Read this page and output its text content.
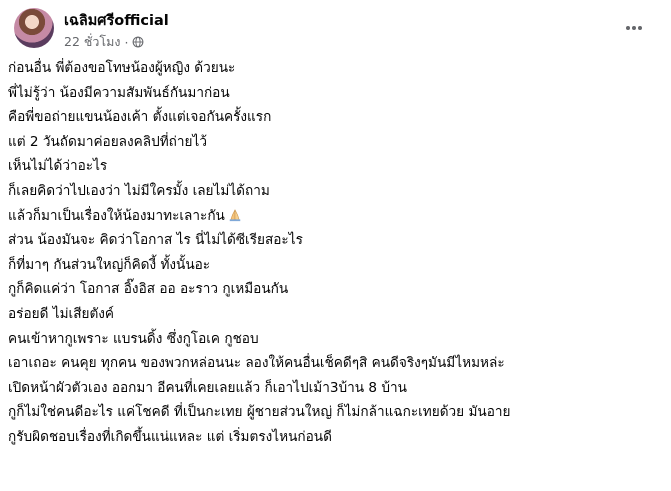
เฉลิมศรีofficial
22 ชั่วโมง ·
ก่อนอื่น พี่ต้องขอโทษน้องผู้หญิง ด้วยนะ
พี่ไม่รู้ว่า น้องมีความสัมพันธ์กันมาก่อน
คือพี่ขอถ่ายแขนน้องเค้า ตั้งแต่เจอกันครั้งแรก
แต่ 2 วันถัดมาค่อยลงคลิปที่ถ่ายไว้
เห็นไม่ได้ว่าอะไร
ก็เลยคิดว่าไปเองว่า ไม่มีใครมั้ง เลยไม่ได้ถาม
แล้วก็มาเป็นเรื่องให้น้องมาทะเลาะกัน
ส่วน น้องมันจะ คิดว่าโอกาส ไร นี่ไม่ได้ซีเรียสอะไร
ก็ที่มาๆ กันส่วนใหญ่ก็คิดงี้ ทั้งนั้นอะ
กูก็คิดแค่ว่า โอกาส อิ๊งอิส ออ อะราว กูเหมือนกัน
อร่อยดี ไม่เสียตังค์
คนเข้าหากูเพราะ แบรนดิ้ง ซึ่งกูโอเค กูชอบ
เอาเถอะ คนคุย ทุกคน ของพวกหล่อนนะ ลองให้คนอื่นเช็คดีๆสิ คนดีจริงๆมันมีไหมหล่ะ
เปิดหน้าผัวตัวเอง ออกมา อีคนที่เคยเลยแล้ว ก็เอาไปเม้า3บ้าน 8 บ้าน
กูก็ไม่ใช่คนดีอะไร แค่โชคดี ที่เป็นกะเทย ผู้ชายส่วนใหญ่ ก็ไม่กล้าแฉกะเทยด้วย มันอาย
กูรับผิดชอบเรื่องที่เกิดขึ้นแน่แหละ แต่ เริ่มตรงไหนก่อนดี
